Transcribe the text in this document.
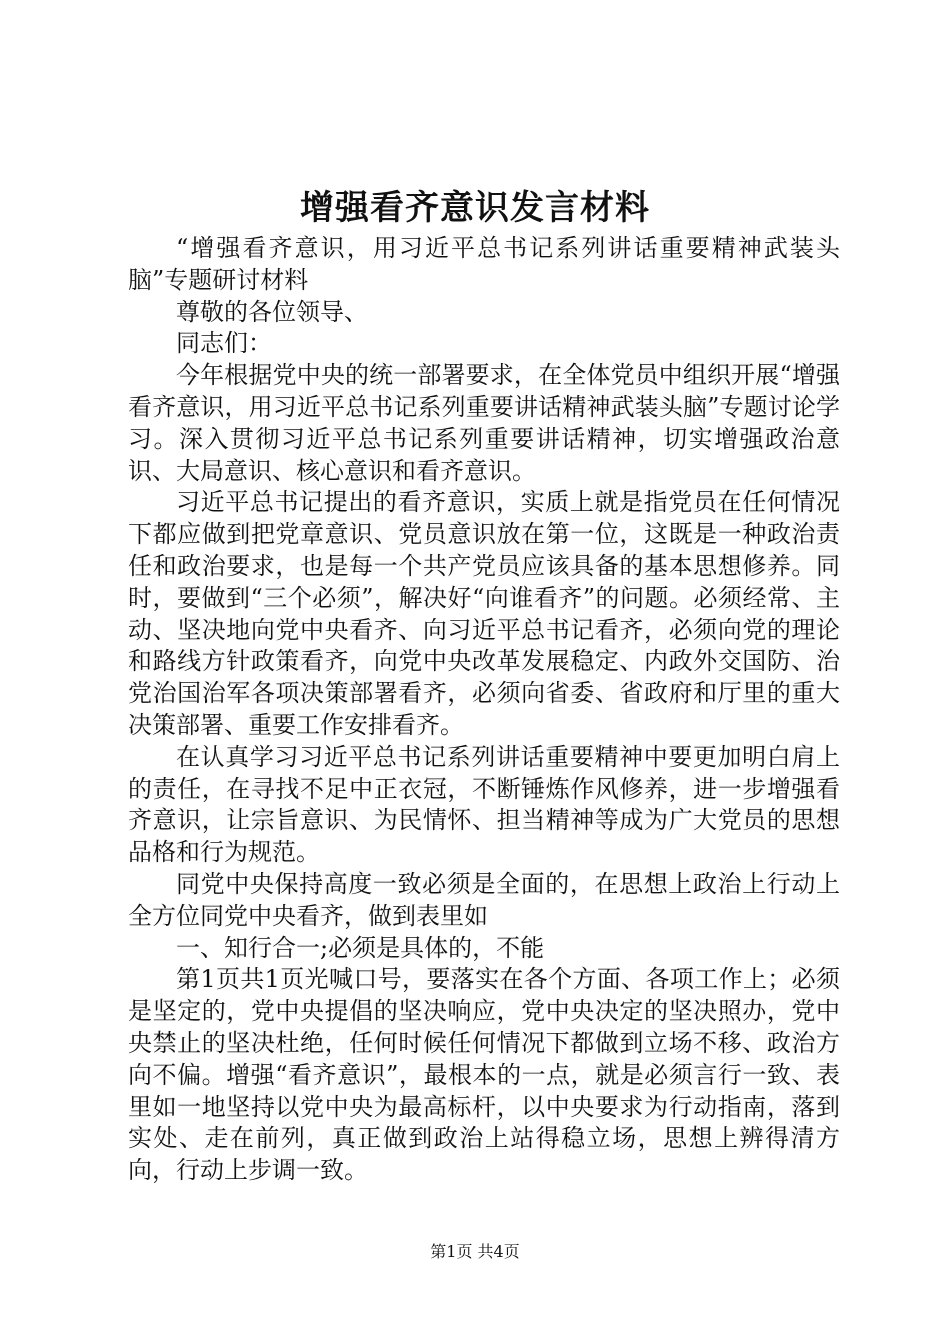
增强看齐意识发言材料

“增强看齐意识，用习近平总书记系列讲话重要精神武装头脑”专题研讨材料

尊敬的各位领导、

同志们：

今年根据党中央的统一部署要求，在全体党员中组织开展“增强看齐意识，用习近平总书记系列重要讲话精神武装头脑”专题讨论学习。深入贯彻习近平总书记系列重要讲话精神，切实增强政治意识、大局意识、核心意识和看齐意识。

习近平总书记提出的看齐意识，实质上就是指党员在任何情况下都应做到把党章意识、党员意识放在第一位，这既是一种政治责任和政治要求，也是每一个共产党员应该具备的基本思想修养。同时，要做到“三个必须”，解决好“向谁看齐”的问题。必须经常、主动、坚决地向党中央看齐、向习近平总书记看齐，必须向党的理论和路线方针政策看齐，向党中央改革发展稳定、内政外交国防、治党治国治军各项决策部署看齐，必须向省委、省政府和厅里的重大决策部署、重要工作安排看齐。

在认真学习习近平总书记系列讲话重要精神中要更加明白肩上的责任，在寻找不足中正衣冠，不断锤炼作风修养，进一步增强看齐意识，让宗旨意识、为民情怀、担当精神等成为广大党员的思想品格和行为规范。

同党中央保持高度一致必须是全面的，在思想上政治上行动上全方位同党中央看齐，做到表里如

一、知行合一;必须是具体的，不能

第1页共1页光喊口号，要落实在各个方面、各项工作上；必须是坚定的，党中央提倡的坚决响应，党中央决定的坚决照办，党中央禁止的坚决杜绝，任何时候任何情况下都做到立场不移、政治方向不偏。增强“看齐意识”，最根本的一点，就是必须言行一致、表里如一地坚持以党中央为最高标杆，以中央要求为行动指南，落到实处、走在前列，真正做到政治上站得稳立场，思想上辨得清方向，行动上步调一致。

第1页 共4页
